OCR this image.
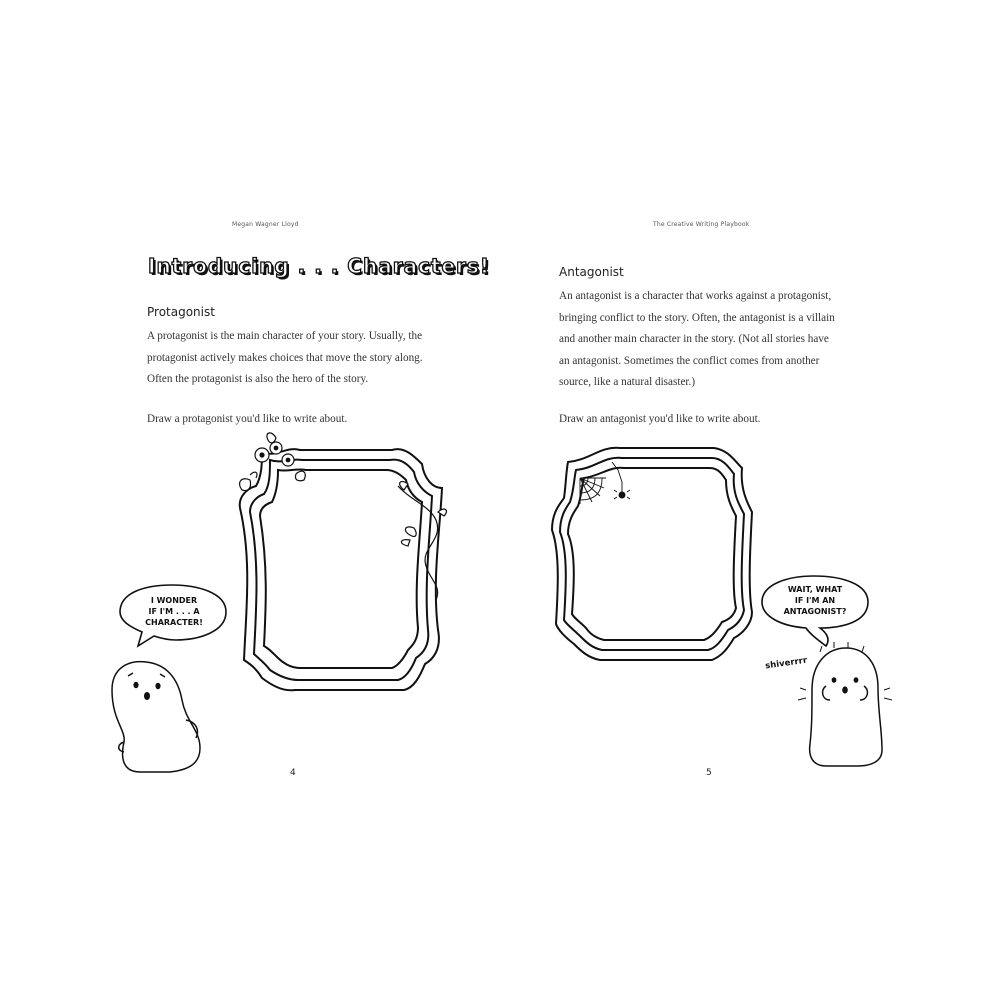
Megan Wagner Lloyd
Introducing . . . Characters!
Protagonist
A protagonist is the main character of your story. Usually, the
protagonist actively makes choices that move the story along.
Often the protagonist is also the hero of the story.
Draw a protagonist you'd like to write about.
4
The Creative Writing Playbook
Antagonist
An antagonist is a character that works against a protagonist,
bringing conflict to the story. Often, the antagonist is a villain
and another main character in the story. (Not all stories have
an antagonist. Sometimes the conflict comes from another
source, like a natural disaster.)
Draw an antagonist you'd like to write about.
5
I WONDER
IF I'M . . . A
CHARACTER!
WAIT, WHAT
IF I'M AN
ANTAGONIST?
shiverrrr
